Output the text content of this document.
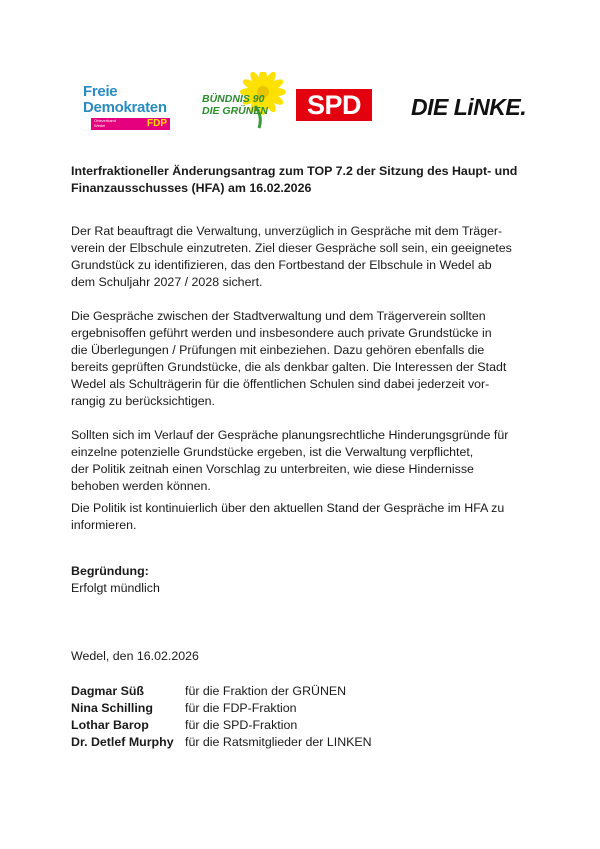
Freie
Demokraten
Ortsverband Wedel	FDP
BÜNDNIS 90
DIE GRÜNEN	SPD	DIE LiNKE.
Interfraktioneller Änderungsantrag zum TOP 7.2 der Sitzung des Haupt- und
Finanzausschusses (HFA) am 16.02.2026
Der Rat beauftragt die Verwaltung, unverzüglich in Gespräche mit dem Träger-
verein der Elbschule einzutreten. Ziel dieser Gespräche soll sein, ein geeignetes
Grundstück zu identifizieren, das den Fortbestand der Elbschule in Wedel ab
dem Schuljahr 2027 / 2028 sichert.
Die Gespräche zwischen der Stadtverwaltung und dem Trägerverein sollten
ergebnisoffen geführt werden und insbesondere auch private Grundstücke in
die Überlegungen / Prüfungen mit einbeziehen. Dazu gehören ebenfalls die
bereits geprüften Grundstücke, die als denkbar galten. Die Interessen der Stadt
Wedel als Schulträgerin für die öffentlichen Schulen sind dabei jederzeit vor-
rangig zu berücksichtigen.
Sollten sich im Verlauf der Gespräche planungsrechtliche Hinderungsgründe für
einzelne potenzielle Grundstücke ergeben, ist die Verwaltung verpflichtet,
der Politik zeitnah einen Vorschlag zu unterbreiten, wie diese Hindernisse
behoben werden können.
Die Politik ist kontinuierlich über den aktuellen Stand der Gespräche im HFA zu
informieren.
Begründung:
Erfolgt mündlich
Wedel, den 16.02.2026
Dagmar Süß	für die Fraktion der GRÜNEN
Nina Schilling	für die FDP-Fraktion
Lothar Barop	für die SPD-Fraktion
Dr. Detlef Murphy für die Ratsmitglieder der LINKEN
